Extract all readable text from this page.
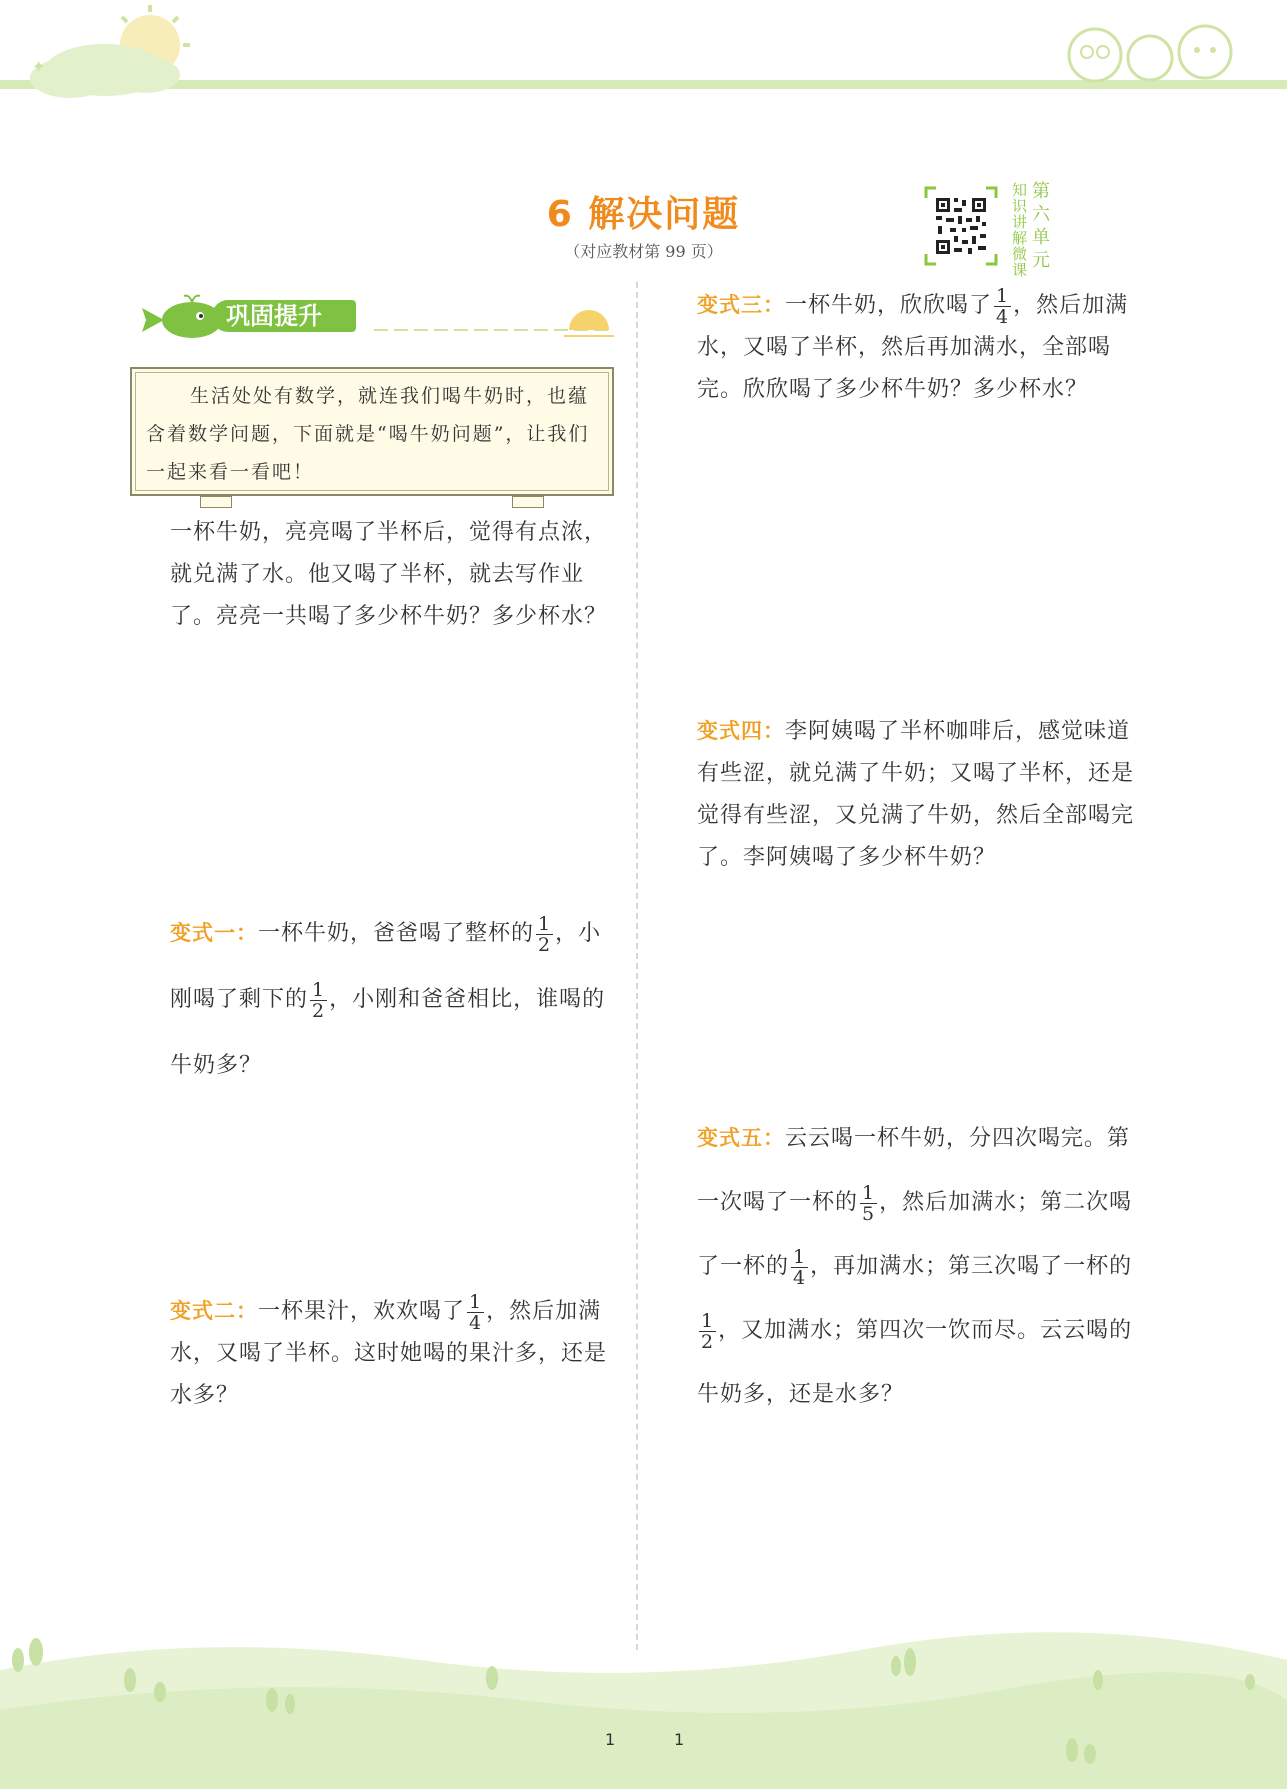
✦
6 解决问题
（对应教材第 99 页）
知识讲解微课
第六单元
巩固提升
生活处处有数学，就连我们喝牛奶时，也蕴含着数学问题，下面就是“喝牛奶问题”，让我们一起来看一看吧！
一杯牛奶，亮亮喝了半杯后，觉得有点浓，就兑满了水。他又喝了半杯，就去写作业了。亮亮一共喝了多少杯牛奶？多少杯水？
变式一：一杯牛奶，爸爸喝了整杯的 $\frac{1}{2}$ ，小刚喝了剩下的 $\frac{1}{2}$ ，小刚和爸爸相比，谁喝的牛奶多？
变式二：一杯果汁，欢欢喝了 $\frac{1}{4}$ ，然后加满水，又喝了半杯。这时她喝的果汁多，还是水多？
变式三：一杯牛奶，欣欣喝了 $\frac{1}{4}$ ，然后加满水，又喝了半杯，然后再加满水，全部喝完。欣欣喝了多少杯牛奶？多少杯水？
变式四：李阿姨喝了半杯咖啡后，感觉味道有些涩，就兑满了牛奶；又喝了半杯，还是觉得有些涩，又兑满了牛奶，然后全部喝完了。李阿姨喝了多少杯牛奶？
变式五：云云喝一杯牛奶，分四次喝完。第一次喝了一杯的 $\frac{1}{5}$ ，然后加满水；第二次喝了一杯的 $\frac{1}{4}$ ，再加满水；第三次喝了一杯的
$\frac{1}{2}$ ，又加满水；第四次一饮而尽。云云喝的牛奶多，还是水多？
1	1
